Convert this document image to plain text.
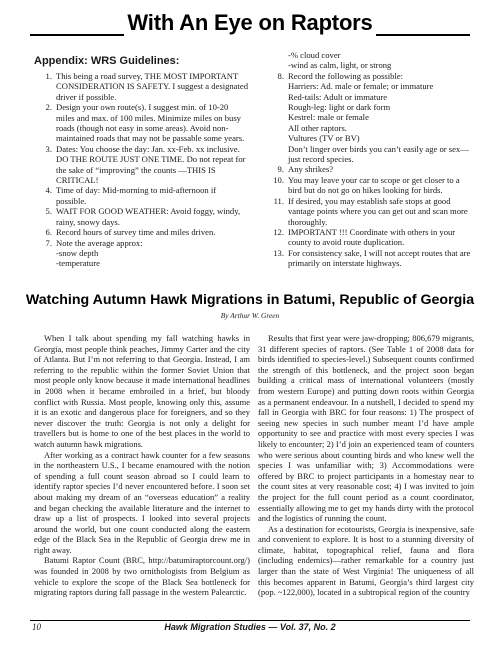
With An Eye on Raptors
Appendix: WRS Guidelines:
1. This being a road survey, THE MOST IMPORTANT CONSIDERATION IS SAFETY. I suggest a designated driver if possible.
2. Design your own route(s). I suggest min. of 10-20 miles and max. of 100 miles. Minimize miles on busy roads (though not easy in some areas). Avoid non-maintained roads that may not be passable some years.
3. Dates: You choose the day: Jan. xx-Feb. xx inclusive. DO THE ROUTE JUST ONE TIME. Do not repeat for the sake of “improving” the counts —THIS IS CRITICAL!
4. Time of day: Mid-morning to mid-afternoon if possible.
5. WAIT FOR GOOD WEATHER: Avoid foggy, windy, rainy, snowy days.
6. Record hours of survey time and miles driven.
7. Note the average approx:
-snow depth
-temperature
-% cloud cover
-wind as calm, light, or strong
8. Record the following as possible:
Harriers: Ad. male or female; or immature
Red-tails: Adult or immature
Rough-leg: light or dark form
Kestrel: male or female
All other raptors.
Vultures (TV or BV)
Don’t linger over birds you can’t easily age or sex—just record species.
9. Any shrikes?
10. You may leave your car to scope or get closer to a bird but do not go on hikes looking for birds.
11. If desired, you may establish safe stops at good vantage points where you can get out and scan more thoroughly.
12. IMPORTANT !!! Coordinate with others in your county to avoid route duplication.
13. For consistency sake, I will not accept routes that are primarily on interstate highways.
Watching Autumn Hawk Migrations in Batumi, Republic of Georgia
By Arthur W. Green

When I talk about spending my fall watching hawks in Georgia, most people think peaches, Jimmy Carter and the city of Atlanta. But I’m not referring to that Georgia. Instead, I am referring to the republic within the former Soviet Union that most people only know because it made international headlines in 2008 when it became embroiled in a brief, but bloody conflict with Russia. Most people, knowing only this, assume it is an exotic and dangerous place for foreigners, and so they never discover the truth: Georgia is not only a delight for travellers but is home to one of the best places in the world to watch autumn hawk migrations.

After working as a contract hawk counter for a few seasons in the northeastern U.S., I became enamoured with the notion of spending a full count season abroad so I could learn to identify raptor species I’d never encountered before. I soon set about making my dream of an “overseas education” a reality and began checking the available literature and the internet to draw up a list of prospects. I looked into several projects around the world, but one count conducted along the eastern edge of the Black Sea in the Republic of Georgia drew me in right away.

Batumi Raptor Count (BRC, http://batumiraptorcount.org/) was founded in 2008 by two ornithologists from Belgium as vehicle to explore the scope of the Black Sea bottleneck for migrating raptors during fall passage in the western Palearctic.

Results that first year were jaw-dropping; 806,679 migrants, 31 different species of raptors. (See Table 1 of 2008 data for birds identified to species-level.) Subsequent counts confirmed the strength of this bottleneck, and the project soon began building a critical mass of international volunteers (mostly from western Europe) and putting down roots within Georgia as a permanent endeavour. In a nutshell, I decided to spend my fall in Georgia with BRC for four reasons: 1) The prospect of seeing new species in such number meant I’d have ample opportunity to see and practice with most every species I was likely to encounter; 2) I’d join an experienced team of counters who were serious about counting birds and who knew well the species I was unfamiliar with; 3) Accommodations were offered by BRC to project participants in a homestay near to the count sites at very reasonable cost; 4) I was invited to join the project for the full count period as a count coordinator, essentially allowing me to get my hands dirty with the protocol and the logistics of running the count.

As a destination for ecotourists, Georgia is inexpensive, safe and convenient to explore. It is host to a stunning diversity of climate, habitat, topographical relief, fauna and flora (including endemics)—rather remarkable for a country just larger than the state of West Virginia! The uniqueness of all this becomes apparent in Batumi, Georgia’s third largest city (pop. ~122,000), located in a subtropical region of the country

10	Hawk Migration Studies — Vol. 37, No. 2
